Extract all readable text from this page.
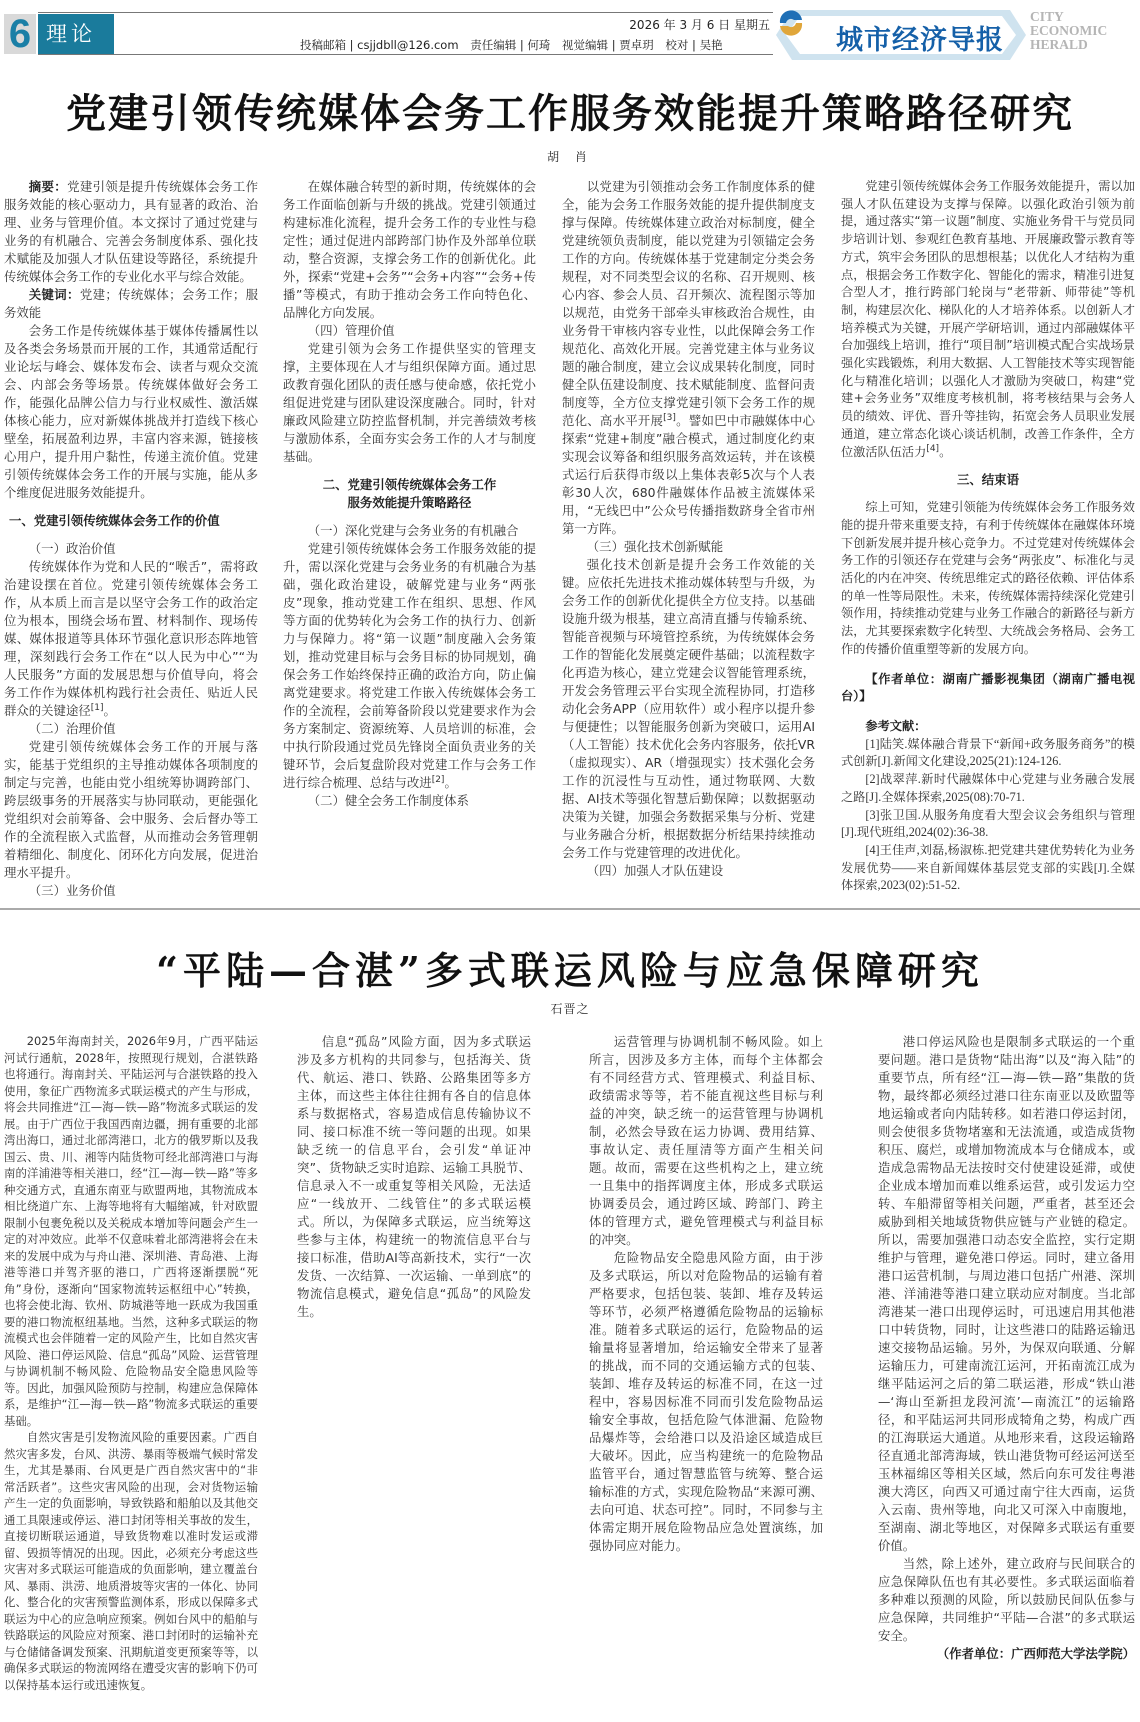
6 理论	2026 年 3 月 6 日 星期五
投稿邮箱 | csjjdbll@126.com 责任编辑 | 何琦 视觉编辑 | 贾卓玥 校对 | 吴艳	城市经济导报
CITY
ECONOMIC
HERALD
党建引领传统媒体会务工作服务效能提升策略路径研究
胡 肖

摘要：党建引领是提升传统媒体会务工作服务效能的核心驱动力，具有显著的政治、治理、业务与管理价值。本文探讨了通过党建与业务的有机融合、完善会务制度体系、强化技术赋能及加强人才队伍建设等路径，系统提升传统媒体会务工作的专业化水平与综合效能。

关键词：党建；传统媒体；会务工作；服务效能

会务工作是传统媒体基于媒体传播属性以及各类会务场景而开展的工作，其通常适配行业论坛与峰会、媒体发布会、读者与观众交流会、内部会务等场景。传统媒体做好会务工作，能强化品牌公信力与行业权威性、激活媒体核心能力，应对新媒体挑战并打造线下核心壁垒，拓展盈利边界，丰富内容来源，链接核心用户，提升用户黏性，传递主流价值。党建引领传统媒体会务工作的开展与实施，能从多个维度促进服务效能提升。

一、党建引领传统媒体会务工作的价值

（一）政治价值

传统媒体作为党和人民的“喉舌”，需将政治建设摆在首位。党建引领传统媒体会务工作，从本质上而言是以坚守会务工作的政治定位为根本，围绕会场布置、材料制作、现场传媒、媒体报道等具体环节强化意识形态阵地管理，深刻践行会务工作在“以人民为中心”“为人民服务”方面的发展思想与价值导向，将会务工作作为媒体机构践行社会责任、贴近人民群众的关键途径[1]。

（二）治理价值

党建引领传统媒体会务工作的开展与落实，能基于党组织的主导推动媒体各项制度的制定与完善，也能由党小组统筹协调跨部门、跨层级事务的开展落实与协同联动，更能强化党组织对会前筹备、会中服务、会后督办等工作的全流程嵌入式监督，从而推动会务管理朝着精细化、制度化、闭环化方向发展，促进治理水平提升。

（三）业务价值

在媒体融合转型的新时期，传统媒体的会务工作面临创新与升级的挑战。党建引领通过构建标准化流程，提升会务工作的专业性与稳定性；通过促进内部跨部门协作及外部单位联动，整合资源，支撑会务工作的创新优化。此外，探索“党建+会务”“会务+内容”“会务+传播”等模式，有助于推动会务工作向特色化、品牌化方向发展。

（四）管理价值

党建引领为会务工作提供坚实的管理支撑，主要体现在人才与组织保障方面。通过思政教育强化团队的责任感与使命感，依托党小组促进党建与团队建设深度融合。同时，针对廉政风险建立防控监督机制，并完善绩效考核与激励体系，全面夯实会务工作的人才与制度基础。

二、党建引领传统媒体会务工作
服务效能提升策略路径

（一）深化党建与会务业务的有机融合

党建引领传统媒体会务工作服务效能的提升，需以深化党建与会务业务的有机融合为基础，强化政治建设，破解党建与业务“两张皮”现象，推动党建工作在组织、思想、作风等方面的优势转化为会务工作的执行力、创新力与保障力。将“第一议题”制度融入会务策划，推动党建目标与会务目标的协同规划，确保会务工作始终保持正确的政治方向，防止偏离党建要求。将党建工作嵌入传统媒体会务工作的全流程，会前筹备阶段以党建要求作为会务方案制定、资源统筹、人员培训的标准，会中执行阶段通过党员先锋岗全面负责业务的关键环节，会后复盘阶段对党建工作与会务工作进行综合梳理、总结与改进[2]。

（二）健全会务工作制度体系

以党建为引领推动会务工作制度体系的健全，能为会务工作服务效能的提升提供制度支撑与保障。传统媒体建立政治对标制度，健全党建统领负责制度，能以党建为引领锚定会务工作的方向。传统媒体基于党建制定分类会务规程，对不同类型会议的名称、召开规则、核心内容、参会人员、召开频次、流程图示等加以规范，由党务干部牵头审核政治合规性，由业务骨干审核内容专业性，以此保障会务工作规范化、高效化开展。完善党建主体与业务议题的融合制度，建立会议成果转化制度，同时健全队伍建设制度、技术赋能制度、监督问责制度等，全方位支撑党建引领下会务工作的规范化、高水平开展[3]。譬如巴中市融媒体中心探索“党建+制度”融合模式，通过制度化约束实现会议筹备和组织服务高效运转，并在该模式运行后获得市级以上集体表彰5次与个人表彰30人次，680件融媒体作品被主流媒体采用，“无线巴中”公众号传播指数跻身全省市州第一方阵。

（三）强化技术创新赋能

强化技术创新是提升会务工作效能的关键。应依托先进技术推动媒体转型与升级，为会务工作的创新优化提供全方位支持。以基础设施升级为根基，建立高清直播与传输系统、智能音视频与环境管控系统，为传统媒体会务工作的智能化发展奠定硬件基础；以流程数字化再造为核心，建立党建会议智能管理系统，开发会务管理云平台实现全流程协同，打造移动化会务APP（应用软件）或小程序以提升参与便捷性；以智能服务创新为突破口，运用AI（人工智能）技术优化会务内容服务，依托VR（虚拟现实）、AR（增强现实）技术强化会务工作的沉浸性与互动性，通过物联网、大数据、AI技术等强化智慧后勤保障；以数据驱动决策为关键，加强会务数据采集与分析、党建与业务融合分析，根据数据分析结果持续推动会务工作与党建管理的改进优化。

（四）加强人才队伍建设

党建引领传统媒体会务工作服务效能提升，需以加强人才队伍建设为支撑与保障。以强化政治引领为前提，通过落实“第一议题”制度、实施业务骨干与党员同步培训计划、参观红色教育基地、开展廉政警示教育等方式，筑牢会务团队的思想根基；以优化人才结构为重点，根据会务工作数字化、智能化的需求，精准引进复合型人才，推行跨部门轮岗与“老带新、师带徒”等机制，构建层次化、梯队化的人才培养体系。以创新人才培养模式为关键，开展产学研培训，通过内部融媒体平台加强线上培训，推行“项目制”培训模式配合实战场景强化实践锻炼，利用大数据、人工智能技术等实现智能化与精准化培训；以强化人才激励为突破口，构建“党建+会务业务”双维度考核机制，将考核结果与会务人员的绩效、评优、晋升等挂钩，拓宽会务人员职业发展通道，建立常态化谈心谈话机制，改善工作条件，全方位激活队伍活力[4]。

三、结束语

综上可知，党建引领能为传统媒体会务工作服务效能的提升带来重要支持，有利于传统媒体在融媒体环境下创新发展并提升核心竞争力。不过党建对传统媒体会务工作的引领还存在党建与会务“两张皮”、标准化与灵活化的内在冲突、传统思维定式的路径依赖、评估体系的单一性等局限性。未来，传统媒体需持续深化党建引领作用，持续推动党建与业务工作融合的新路径与新方法，尤其要探索数字化转型、大统战会务格局、会务工作的传播价值重塑等新的发展方向。

【作者单位：湖南广播影视集团（湖南广播电视台）】

参考文献：

[1]陆笑.媒体融合背景下“新闻+政务服务商务”的模式创新[J].新闻文化建设,2025(21):124-126.

[2]战翠萍.新时代融媒体中心党建与业务融合发展之路[J].全媒体探索,2025(08):70-71.

[3]张卫国.从服务角度看大型会议会务组织与管理[J].现代班组,2024(02):36-38.

[4]王佳声,刘磊,杨淑栋.把党建共建优势转化为业务发展优势——来自新闻媒体基层党支部的实践[J].全媒体探索,2023(02):51-52.

“平陆—合湛”多式联运风险与应急保障研究
石晋之

2025年海南封关，2026年9月，广西平陆运河试行通航，2028年，按照现行规划，合湛铁路也将通行。海南封关、平陆运河与合湛铁路的投入使用，象征广西物流多式联运模式的产生与形成，将会共同推进“江—海—铁—路”物流多式联运的发展。由于广西位于我国西南边疆，拥有重要的北部湾出海口，通过北部湾港口，北方的俄罗斯以及我国云、贵、川、湘等内陆货物可经北部湾港口与海南的洋浦港等相关港口，经“江—海—铁—路”等多种交通方式，直通东南亚与欧盟两地，其物流成本相比绕道广东、上海等地将有大幅缩减，针对欧盟限制小包裹免税以及关税成本增加等问题会产生一定的对冲效应。此举不仅意味着北部湾港将会在未来的发展中成为与舟山港、深圳港、青岛港、上海港等港口并驾齐驱的港口，广西将逐渐摆脱“死角”身份，逐渐向“国家物流转运枢纽中心”转换，也将会使北海、钦州、防城港等地一跃成为我国重要的港口物流枢纽基地。当然，这种多式联运的物流模式也会伴随着一定的风险产生，比如自然灾害风险、港口停运风险、信息“孤岛”风险、运营管理与协调机制不畅风险、危险物品安全隐患风险等等。因此，加强风险预防与控制，构建应急保障体系，是维护“江—海—铁—路”物流多式联运的重要基础。

自然灾害是引发物流风险的重要因素。广西自然灾害多发，台风、洪涝、暴雨等极端气候时常发生，尤其是暴雨、台风更是广西自然灾害中的“非常活跃者”。这些灾害风险的出现，会对货物运输产生一定的负面影响，导致铁路和船舶以及其他交通工具限速或停运、港口封闭等相关事故的发生，直接切断联运通道，导致货物难以准时发运或滞留、毁损等情况的出现。因此，必须充分考虑这些灾害对多式联运可能造成的负面影响，建立覆盖台风、暴雨、洪涝、地质滑坡等灾害的一体化、协同化、整合化的灾害预警监测体系，形成以保障多式联运为中心的应急响应预案。例如台风中的船舶与铁路联运的风险应对预案、港口封闭时的运输补充与仓储储备调发预案、汛期航道变更预案等等，以确保多式联运的物流网络在遭受灾害的影响下仍可以保持基本运行或迅速恢复。

信息“孤岛”风险方面，因为多式联运涉及多方机构的共同参与，包括海关、货代、航运、港口、铁路、公路集团等多方主体，而这些主体往往拥有各自的信息体系与数据格式，容易造成信息传输协议不同、接口标准不统一等问题的出现。如果缺乏统一的信息平台，会引发“单证冲突”、货物缺乏实时追踪、运输工具脱节、信息录入不一或重复等相关风险，无法适应“一线放开、二线管住”的多式联运模式。所以，为保障多式联运，应当统筹这些参与主体，构建统一的物流信息平台与接口标准，借助AI等高新技术，实行“一次发货、一次结算、一次运输、一单到底”的物流信息模式，避免信息“孤岛”的风险发生。

运营管理与协调机制不畅风险。如上所言，因涉及多方主体，而每个主体都会有不同经营方式、管理模式、利益目标、政绩需求等等，若不能直视这些目标与利益的冲突，缺乏统一的运营管理与协调机制，必然会导致在运力协调、费用结算、事故认定、责任厘清等方面产生相关问题。故而，需要在这些机构之上，建立统一且集中的指挥调度主体，形成多式联运协调委员会，通过跨区域、跨部门、跨主体的管理方式，避免管理模式与利益目标的冲突。

危险物品安全隐患风险方面，由于涉及多式联运，所以对危险物品的运输有着严格要求，包括包装、装卸、堆存及转运等环节，必须严格遵循危险物品的运输标准。随着多式联运的运行，危险物品的运输量将显著增加，给运输安全带来了显著的挑战，而不同的交通运输方式的包装、装卸、堆存及转运的标准不同，在这一过程中，容易因标准不同而引发危险物品运输安全事故，包括危险气体泄漏、危险物品爆炸等，会给港口以及沿途区域造成巨大破坏。因此，应当构建统一的危险物品监管平台，通过智慧监管与统筹、整合运输标准的方式，实现危险物品“来源可溯、去向可追、状态可控”。同时，不同参与主体需定期开展危险物品应急处置演练，加强协同应对能力。

港口停运风险也是限制多式联运的一个重要问题。港口是货物“陆出海”以及“海入陆”的重要节点，所有经“江—海—铁—路”集散的货物，最终都必须经过港口往东南亚以及欧盟等地运输或者向内陆转移。如若港口停运封闭，则会使很多货物堵塞和无法流通，或造成货物积压、腐烂，或增加物流成本与仓储成本，或造成急需物品无法按时交付使建设延滞，或使企业成本增加而难以维系运营，或引发运力空转、车船滞留等相关问题，严重者，甚至还会威胁到相关地域货物供应链与产业链的稳定。所以，需要加强港口动态安全监控，实行定期维护与管理，避免港口停运。同时，建立备用港口运营机制，与周边港口包括广州港、深圳港、洋浦港等港口建立联动应对制度。当北部湾港某一港口出现停运时，可迅速启用其他港口中转货物，同时，让这些港口的陆路运输迅速交接物品运输。另外，为保双向联通、分解运输压力，可建南流江运河，开拓南流江成为继平陆运河之后的第二联运港，形成“铁山港—‘海山至新担龙段河流’—南流江”的运输路径，和平陆运河共同形成犄角之势，构成广西的江海联运大通道。从地形来看，这段运输路径直通北部湾海域，铁山港货物可经运河送至玉林福绵区等相关区域，然后向东可发往粤港澳大湾区，向西又可通过南宁往大西南，运货入云南、贵州等地，向北又可深入中南腹地，至湖南、湖北等地区，对保障多式联运有重要价值。

当然，除上述外，建立政府与民间联合的应急保障队伍也有其必要性。多式联运面临着多种难以预测的风险，所以鼓励民间队伍参与应急保障，共同维护“平陆—合湛”的多式联运安全。

（作者单位：广西师范大学法学院）
